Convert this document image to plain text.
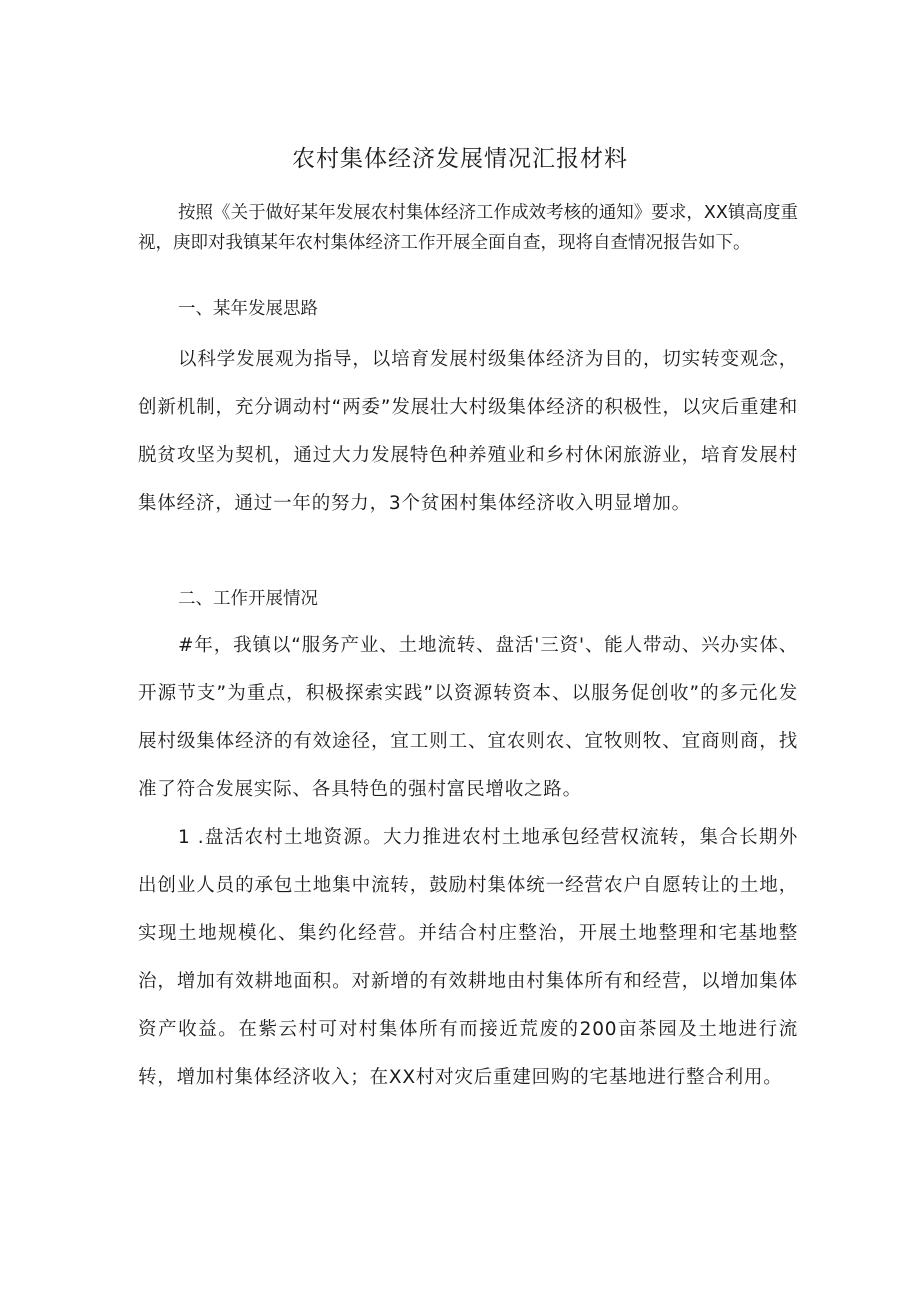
农村集体经济发展情况汇报材料

按照《关于做好某年发展农村集体经济工作成效考核的通知》要求，XX镇高度重视，庚即对我镇某年农村集体经济工作开展全面自查，现将自查情况报告如下。

一、某年发展思路

以科学发展观为指导，以培育发展村级集体经济为目的，切实转变观念，创新机制，充分调动村“两委”发展壮大村级集体经济的积极性，以灾后重建和脱贫攻坚为契机，通过大力发展特色种养殖业和乡村休闲旅游业，培育发展村集体经济，通过一年的努力，3个贫困村集体经济收入明显增加。

二、工作开展情况

#年，我镇以“服务产业、土地流转、盘活'三资'、能人带动、兴办实体、开源节支”为重点，积极探索实践”以资源转资本、以服务促创收”的多元化发展村级集体经济的有效途径，宜工则工、宜农则农、宜牧则牧、宜商则商，找准了符合发展实际、各具特色的强村富民增收之路。

1 .盘活农村土地资源。大力推进农村土地承包经营权流转，集合长期外出创业人员的承包土地集中流转，鼓励村集体统一经营农户自愿转让的土地，实现土地规模化、集约化经营。并结合村庄整治，开展土地整理和宅基地整治，增加有效耕地面积。对新增的有效耕地由村集体所有和经营，以增加集体资产收益。在紫云村可对村集体所有而接近荒废的200亩茶园及土地进行流转，增加村集体经济收入；在XX村对灾后重建回购的宅基地进行整合利用。
